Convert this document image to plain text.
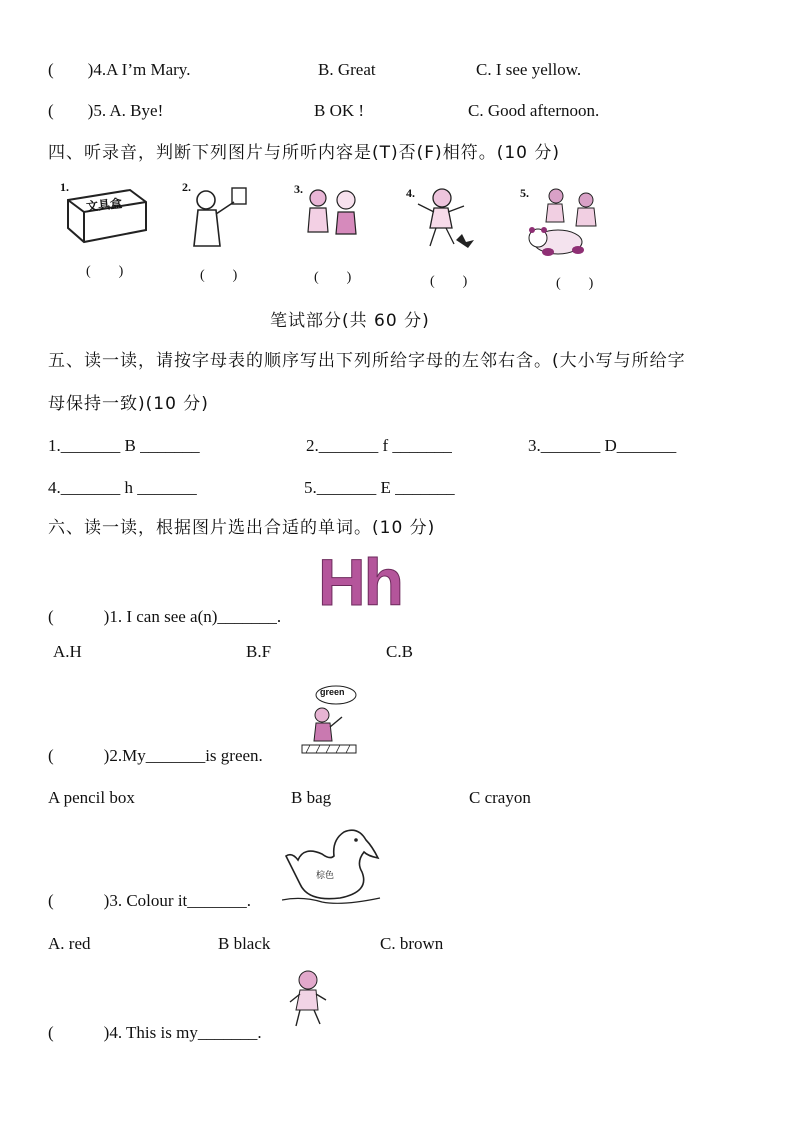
( )4.A I’m Mary.	B. Great	C. I see yellow.
( )5. A. Bye!	B OK !	C. Good afternoon.
四、听录音，判断下列图片与所听内容是(T)否(F)相符。(10 分)
1.
文具盒
(　　)
2.
(　　)
3.
(　　)
4.
(　　)
5.
(　　)
笔试部分(共 60 分)
五、读一读，请按字母表的顺序写出下列所给字母的左邻右含。(大小写与所给字
母保持一致)(10 分)
1._______ B _______	2._______ f _______	3._______ D_______
4._______ h _______	5._______ E _______
六、读一读，根据图片选出合适的单词。(10 分)
Hh
(	)1. I can see a(n)_______.
A.H	B.F	C.B
green
(	)2.My_______is green.
A pencil box	B bag	C crayon
棕色
(	)3. Colour it_______.
A. red	B black	C. brown
(	)4. This is my_______.
